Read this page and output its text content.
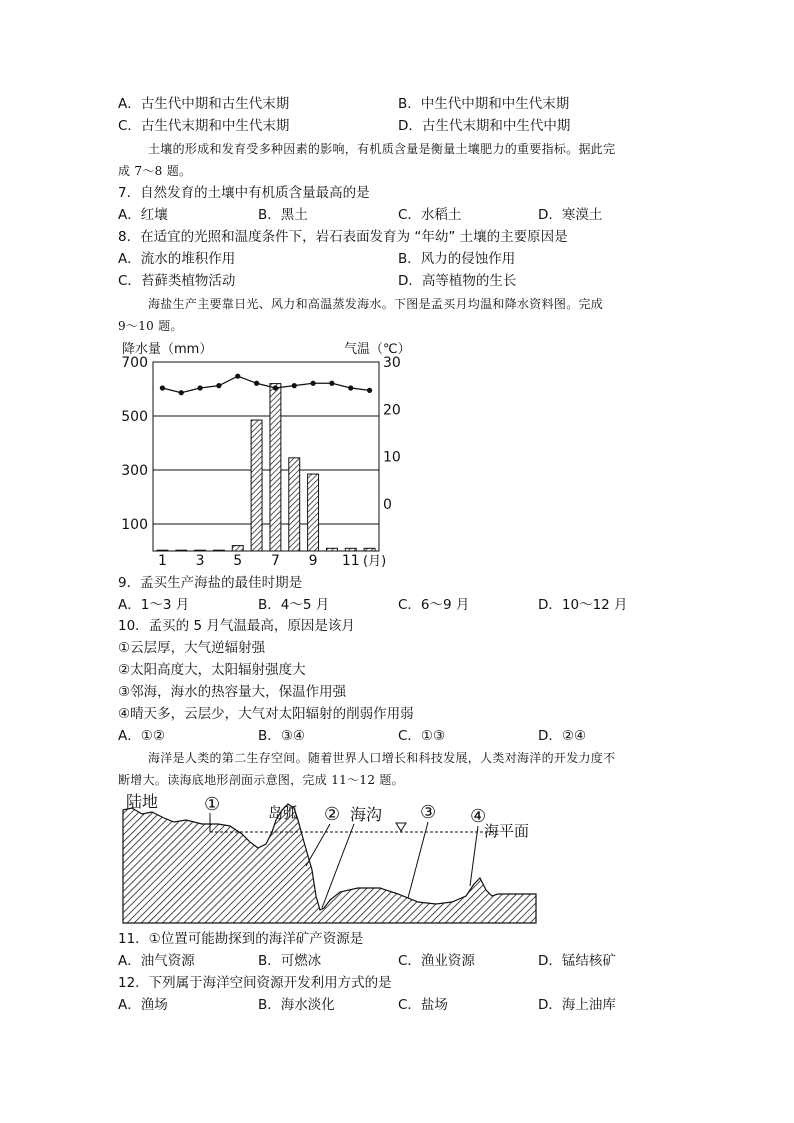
A．古生代中期和古生代末期	B．中生代中期和中生代末期
C．古生代末期和中生代末期	D．古生代末期和中生代中期
土壤的形成和发育受多种因素的影响，有机质含量是衡量土壤肥力的重要指标。据此完
成 7～8 题。
7．自然发育的土壤中有机质含量最高的是
A．红壤	B．黑土	C．水稻土	D．寒漠土
8．在适宜的光照和温度条件下，岩石表面发育为 “年幼” 土壤的主要原因是
A．流水的堆积作用	B．风力的侵蚀作用
C．苔藓类植物活动	D．高等植物的生长
海盐生产主要靠日光、风力和高温蒸发海水。下图是孟买月均温和降水资料图。完成
9～10 题。
降水量（mm）	气温（℃）
700
500
300
100
30
20
10
0
1 3 5 7 9 11 (月)
9．孟买生产海盐的最佳时期是
A．1～3 月	B．4～5 月	C．6～9 月	D．10～12 月
10．孟买的 5 月气温最高，原因是该月
①云层厚，大气逆辐射强
②太阳高度大，太阳辐射强度大
③邻海，海水的热容量大，保温作用强
④晴天多，云层少，大气对太阳辐射的削弱作用弱
A．①②	B．③④	C．①③	D．②④
海洋是人类的第二生存空间。随着世界人口增长和科技发展，人类对海洋的开发力度不
断增大。读海底地形剖面示意图，完成 11～12 题。
陆地
岛弧	海沟
海平面
①	②	③ ④
11．①位置可能勘探到的海洋矿产资源是
A．油气资源	B．可燃冰	C．渔业资源	D．锰结核矿
12．下列属于海洋空间资源开发利用方式的是
A．渔场	B．海水淡化	C．盐场	D．海上油库
